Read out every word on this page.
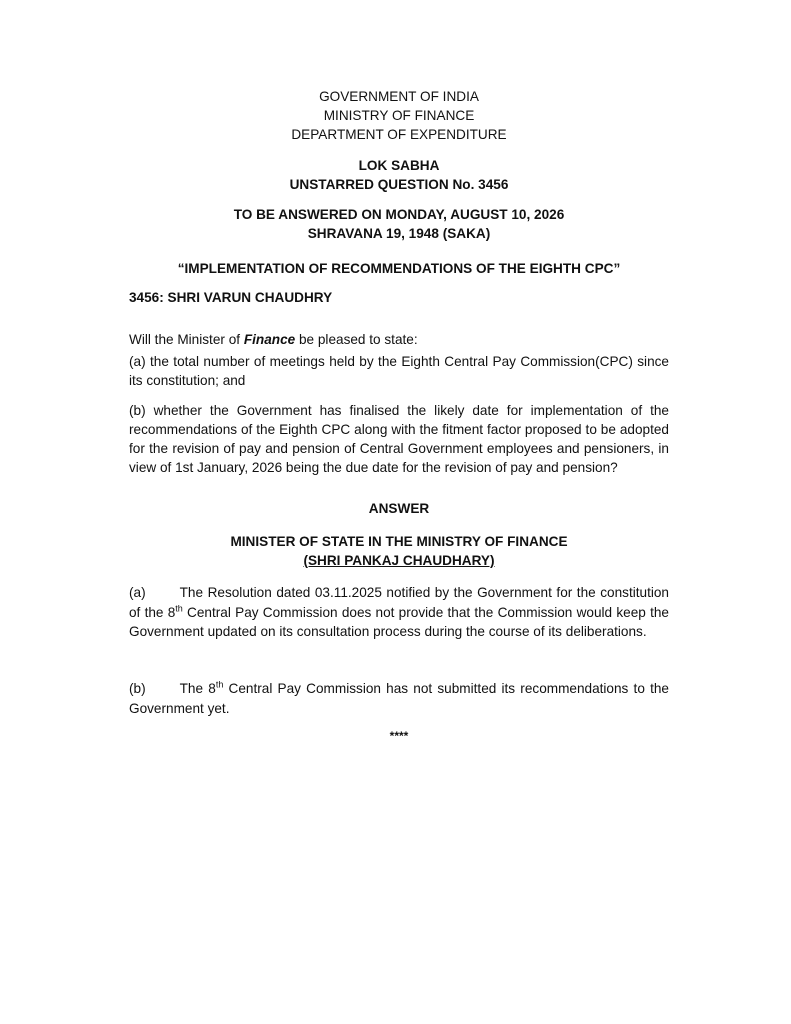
GOVERNMENT OF INDIA
MINISTRY OF FINANCE
DEPARTMENT OF EXPENDITURE
LOK SABHA
UNSTARRED QUESTION No. 3456
TO BE ANSWERED ON MONDAY, AUGUST 10, 2026
SHRAVANA 19, 1948 (SAKA)
“IMPLEMENTATION OF RECOMMENDATIONS OF THE EIGHTH CPC”
3456: SHRI VARUN CHAUDHRY
Will the Minister of Finance be pleased to state:
(a) the total number of meetings held by the Eighth Central Pay Commission(CPC) since its constitution; and
(b) whether the Government has finalised the likely date for implementation of the recommendations of the Eighth CPC along with the fitment factor proposed to be adopted for the revision of pay and pension of Central Government employees and pensioners, in view of 1st January, 2026 being the due date for the revision of pay and pension?
ANSWER
MINISTER OF STATE IN THE MINISTRY OF FINANCE
(SHRI PANKAJ CHAUDHARY)
(a)	The Resolution dated 03.11.2025 notified by the Government for the constitution of the 8th Central Pay Commission does not provide that the Commission would keep the Government updated on its consultation process during the course of its deliberations.
(b)	The 8th Central Pay Commission has not submitted its recommendations to the Government yet.
****
